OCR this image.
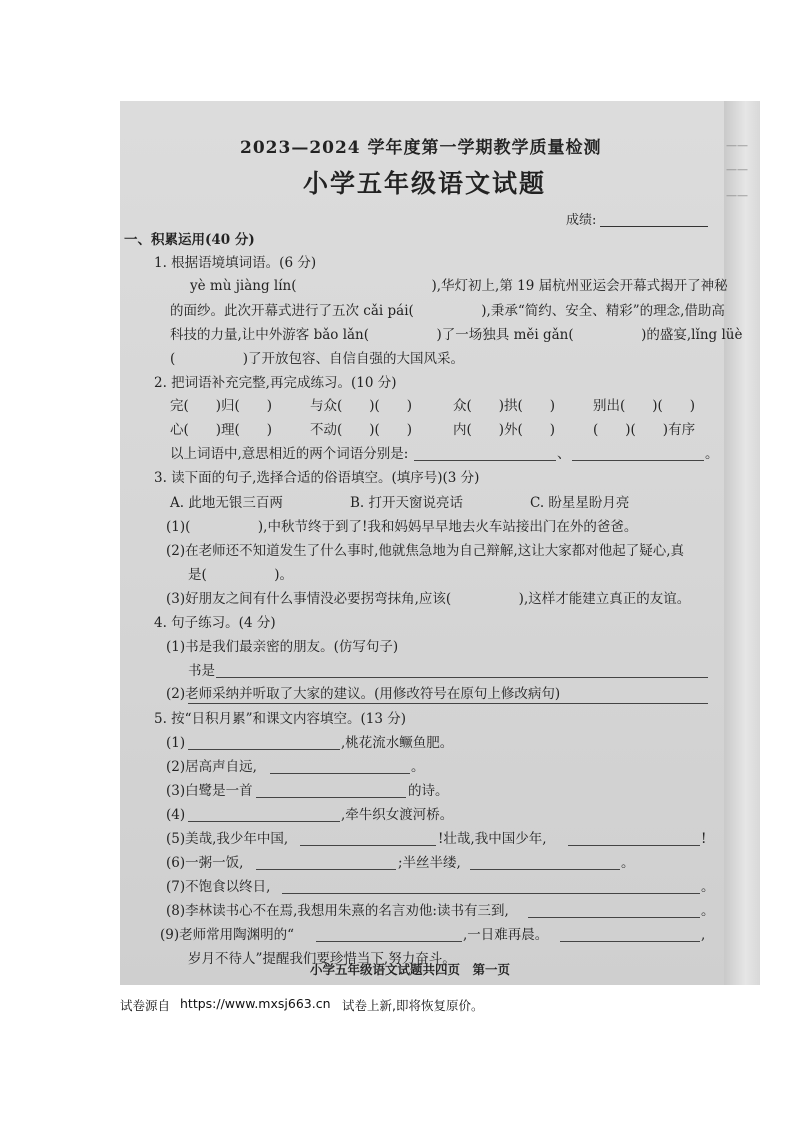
——
——
——
2023—2024 学年度第一学期教学质量检测
小学五年级语文试题
成绩:
一、积累运用(40 分)
1. 根据语境填词语。(6 分)
yè mù jiàng lín(　　　　　　　　　　),华灯初上,第 19 届杭州亚运会开幕式揭开了神秘
的面纱。此次开幕式进行了五次 cǎi pái(　　　　　),秉承“简约、安全、精彩”的理念,借助高
科技的力量,让中外游客 bǎo lǎn(　　　　　)了一场独具 měi gǎn(　　　　　)的盛宴,lǐng lüè
(　　　　　)了开放包容、自信自强的大国风采。
2. 把词语补充完整,再完成练习。(10 分)
完(　　)归(　　)	与众(　　)(　　)	众(　　)拱(　　)	别出(　　)(　　)
心(　　)理(　　)	不动(　　)(　　)	内(　　)外(　　)	(　　)(　　)有序
以上词语中,意思相近的两个词语分别是:	、	。
3. 读下面的句子,选择合适的俗语填空。(填序号)(3 分)
A. 此地无银三百两	B. 打开天窗说亮话	C. 盼星星盼月亮
(1)(　　　　　),中秋节终于到了!我和妈妈早早地去火车站接出门在外的爸爸。
(2)在老师还不知道发生了什么事时,他就焦急地为自己辩解,这让大家都对他起了疑心,真
是(　　　　　)。
(3)好朋友之间有什么事情没必要拐弯抹角,应该(　　　　　),这样才能建立真正的友谊。
4. 句子练习。(4 分)
(1)书是我们最亲密的朋友。(仿写句子)
书是
(2)老师采纳并听取了大家的建议。(用修改符号在原句上修改病句)
5. 按“日积月累”和课文内容填空。(13 分)
(1)	,桃花流水鳜鱼肥。
(2)居高声自远,	。
(3)白鹭是一首	的诗。
(4)	,牵牛织女渡河桥。
(5)美哉,我少年中国,	!壮哉,我中国少年,	!
(6)一粥一饭,	;半丝半缕,	。
(7)不饱食以终日,	。
(8)李林读书心不在焉,我想用朱熹的名言劝他:读书有三到,	。
(9)老师常用陶渊明的“	,一日难再晨。	,
岁月不待人”提醒我们要珍惜当下,努力奋斗。
小学五年级语文试题共四页　第一页
试卷源自 https://www.mxsj663.cn 试卷上新,即将恢复原价。
